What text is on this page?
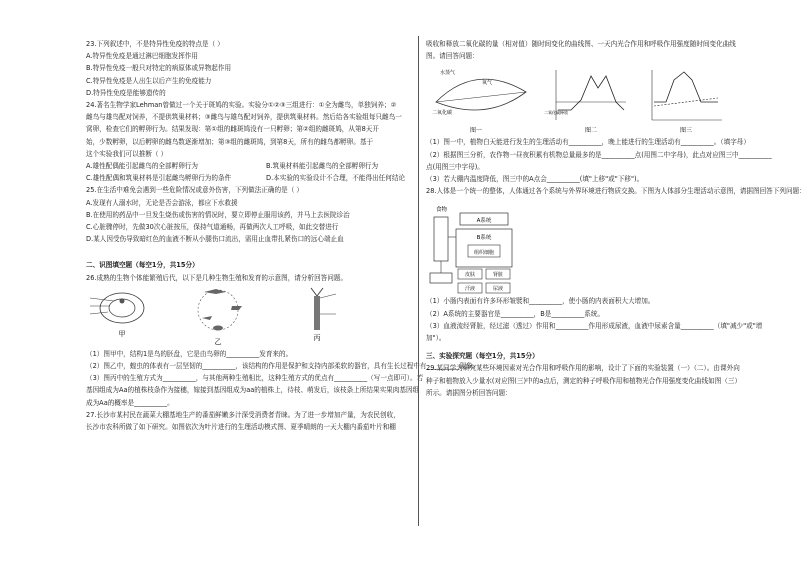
23.下列叙述中，不是特异性免疫的特点是（ ）

A.特异性免疫是通过淋巴细胞发挥作用

B.特异性免疫一般只对特定的病原体或异物起作用

C.特异性免疫是人出生以后产生的免疫能力

D.特异性免疫是能够遗传的

24.著名生物学家Lehman曾做过一个关于斑鸠的实验。实验分①②③三组进行：①全为雌鸟，单独饲养；②

雌鸟与雄鸟配对饲养，不提供筑巢材料；③雌鸟与雄鸟配对饲养，提供筑巢材料。然后给各实验组每只雌鸟一

窝卵，检查它们的孵卵行为。结果发现：第①组的雌斑鸠没有一只孵卵；第②组的雌斑鸠，从第8天开

始，少数孵卵，以后孵卵的雌鸟数逐渐增加；第③组的雌斑鸠，到第8天，所有的雌鸟都孵卵。基于

这个实验我们可以推断（ ）

A.雄性配偶能引起雌鸟的全部孵卵行为	B.筑巢材料能引起雌鸟的全部孵卵行为

C.雄性配偶和筑巢材料是引起雌鸟孵卵行为的条件	D.本实验的实验设计不合理，不能得出任何结论

25.在生活中难免会遇到一些危险情况或意外伤害，下列做法正确的是（ ）

A.发现有人溺水时，无论是否会游泳，都应下水救援

B.在使用的药品中一旦发生烧伤或伤害的情况时，要立即停止服用该药，并马上去医院诊治

C.心脏骤停时，先做30次心脏按压，保持气道通畅，再做两次人工呼吸，如此交替进行

D.某人因受伤导致暗红色的血液不断从小腿伤口流出，需用止血带扎紧伤口的远心端止血

二、识图填空题（每空1分，共15分）

26.成熟的生物个体能繁殖后代，以下是几种生物生殖和发育的示意图，请分析回答问题。

甲
乙	丙

（1）图甲中，结构1是鸟的胚盘，它是由鸟卵的__________发育来的。

（2）图乙中，蝗虫的体表有一层坚韧的__________，该结构的作用是保护和支持内部柔软的器官，具有生长过程中有__________现象。

（3）图丙中的生殖方式为__________，与其他两种生殖相比，这种生殖方式的优点有__________（写一点即可）。若

基因组成为Aa的植株枝条作为接穗，嫁接到基因组成为aa的植株上，待枝、萌发后，该枝条上所结果实果肉基因组

成为Aa的概率是__________。

27.长沙市某村民在蔬菜大棚基地生产的番茄鲜嫩多汁深受消费者青睐。为了进一步增加产量，为农民创收，

长沙市农科所做了如下研究。如图依次为叶片进行的生理活动模式图、夏季晴朗的一天大棚内番茄叶片和棚

吸收和释放二氧化碳的量（相对值）随时间变化的曲线图、一天内光合作用和呼吸作用强度随时间变化曲线

图。请回答问题：

水蒸气
二氧化碳
氧气
图一
二氧化碳释放
图二	图三

（1）图一中，植物白天能进行发生的生理活动有__________，晚上能进行的生理活动有__________。（填字母）

（2）根据图三分析，农作物一昼夜积累有机物总量最多的是__________点(用图二中字母)，此点对应图三中__________

点(用图三中字母)。

（3）若大棚内温度降低，图三中的A点会__________(填"上移"或"下移")。

28.人体是一个统一的整体，人体通过各个系统与外界环境进行物质交换。下图为人体部分生理活动示意图，请据图回答下列问题：

食物
A系统
B系统
组织细胞
皮肤	肾脏
汗液	尿液

（1）小肠内表面有许多环形皱襞和__________，使小肠的内表面积大大增加。

（2）A系统的主要器官是__________，B是__________系统。

（3）血液流经肾脏，经过滤（透过）作用和__________作用形成尿液，血液中尿素含量__________（填"减少"或"增

加"）。

三、实验探究题（每空1分，共15分）

29.某同学为研究某些环境因素对光合作用和呼吸作用的影响，设计了下面的实验装置（一）（二）。由课外向

种子和植物放入少量水(对应图(三)中的a点后，测定的种子呼吸作用和植物光合作用强度变化曲线如图（三）

所示。请据图分析回答问题：
